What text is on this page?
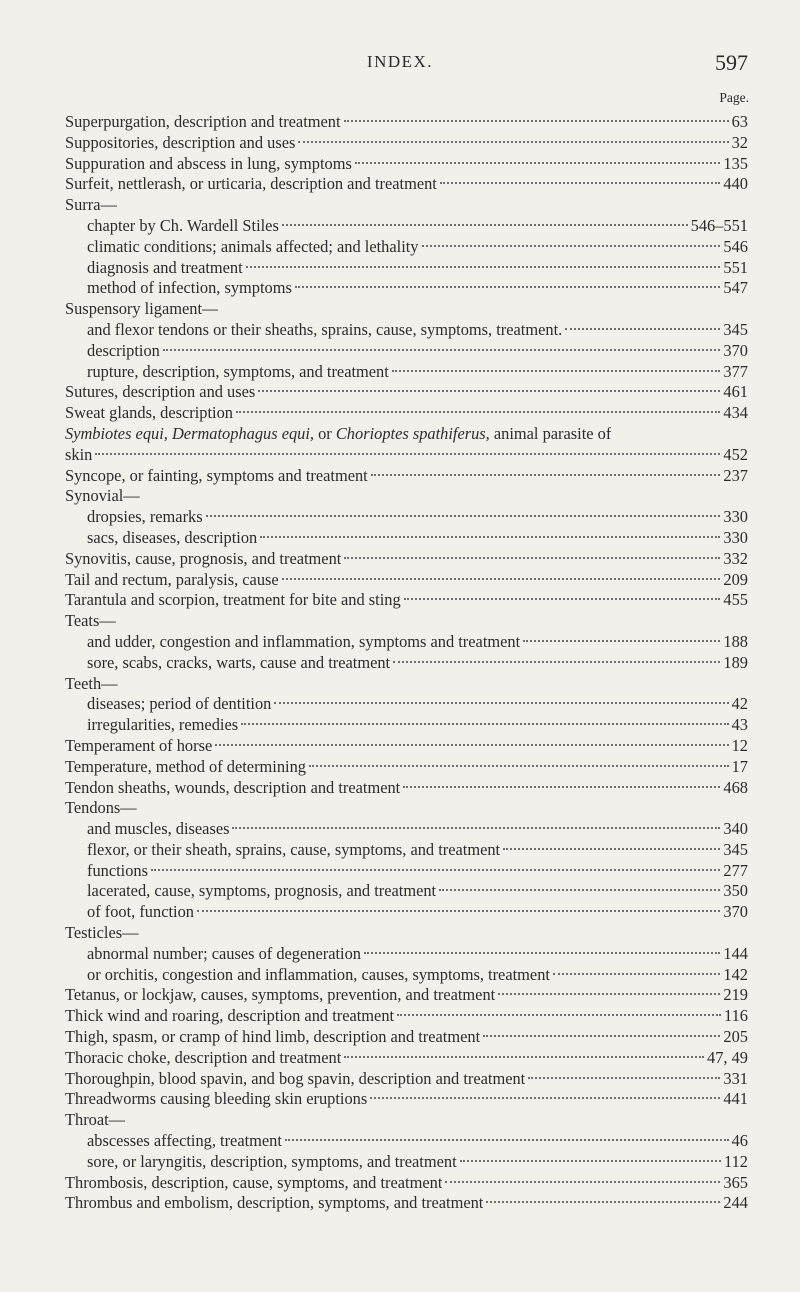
INDEX.	597
Page.
Superpurgation, description and treatment	63
Suppositories, description and uses	32
Suppuration and abscess in lung, symptoms	135
Surfeit, nettlerash, or urticaria, description and treatment	440
Surra—
chapter by Ch. Wardell Stiles	546–551
climatic conditions; animals affected; and lethality	546
diagnosis and treatment	551
method of infection, symptoms	547
Suspensory ligament—
and flexor tendons or their sheaths, sprains, cause, symptoms, treatment.	345
description	370
rupture, description, symptoms, and treatment	377
Sutures, description and uses	461
Sweat glands, description	434
Symbiotes equi, Dermatophagus equi, or Chorioptes spathiferus, animal parasite of
skin	452
Syncope, or fainting, symptoms and treatment	237
Synovial—
dropsies, remarks	330
sacs, diseases, description	330
Synovitis, cause, prognosis, and treatment	332
Tail and rectum, paralysis, cause	209
Tarantula and scorpion, treatment for bite and sting	455
Teats—
and udder, congestion and inflammation, symptoms and treatment	188
sore, scabs, cracks, warts, cause and treatment	189
Teeth—
diseases; period of dentition	42
irregularities, remedies	43
Temperament of horse	12
Temperature, method of determining	17
Tendon sheaths, wounds, description and treatment	468
Tendons—
and muscles, diseases	340
flexor, or their sheath, sprains, cause, symptoms, and treatment	345
functions	277
lacerated, cause, symptoms, prognosis, and treatment	350
of foot, function	370
Testicles—
abnormal number; causes of degeneration	144
or orchitis, congestion and inflammation, causes, symptoms, treatment	142
Tetanus, or lockjaw, causes, symptoms, prevention, and treatment	219
Thick wind and roaring, description and treatment	116
Thigh, spasm, or cramp of hind limb, description and treatment	205
Thoracic choke, description and treatment	47, 49
Thoroughpin, blood spavin, and bog spavin, description and treatment	331
Threadworms causing bleeding skin eruptions	441
Throat—
abscesses affecting, treatment	46
sore, or laryngitis, description, symptoms, and treatment	112
Thrombosis, description, cause, symptoms, and treatment	365
Thrombus and embolism, description, symptoms, and treatment	244
